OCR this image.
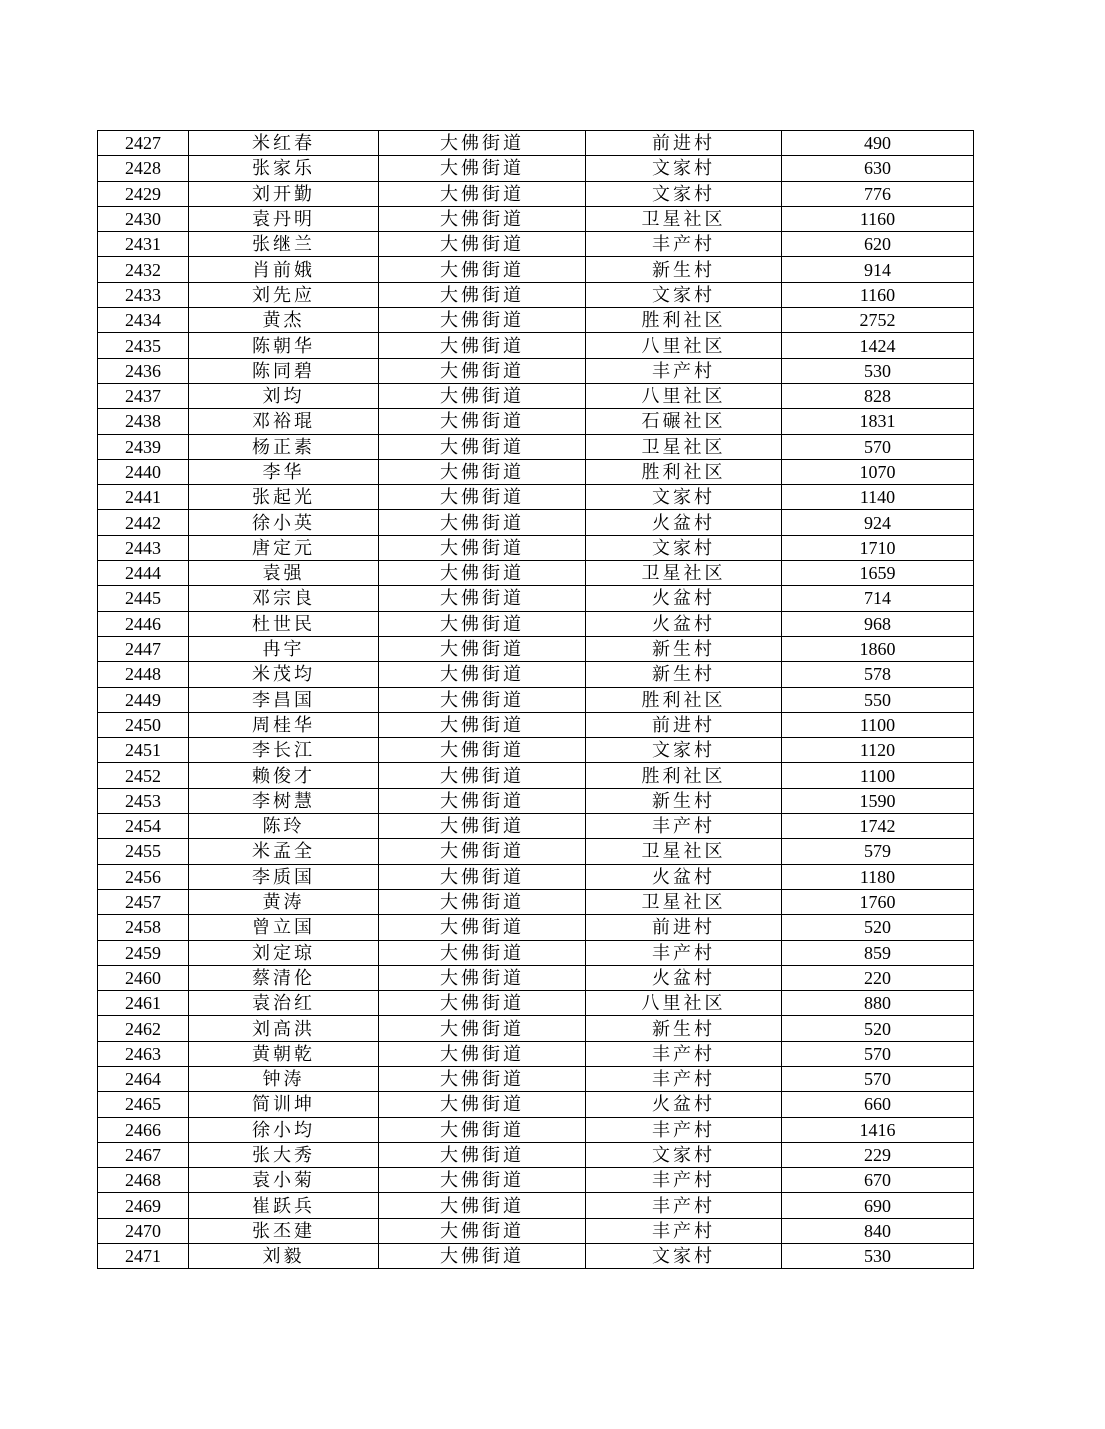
2427	米红春	大佛街道	前进村	490
2428	张家乐	大佛街道	文家村	630
2429	刘开勤	大佛街道	文家村	776
2430	袁丹明	大佛街道	卫星社区	1160
2431	张继兰	大佛街道	丰产村	620
2432	肖前娥	大佛街道	新生村	914
2433	刘先应	大佛街道	文家村	1160
2434	黄杰	大佛街道	胜利社区	2752
2435	陈朝华	大佛街道	八里社区	1424
2436	陈同碧	大佛街道	丰产村	530
2437	刘均	大佛街道	八里社区	828
2438	邓裕琨	大佛街道	石碾社区	1831
2439	杨正素	大佛街道	卫星社区	570
2440	李华	大佛街道	胜利社区	1070
2441	张起光	大佛街道	文家村	1140
2442	徐小英	大佛街道	火盆村	924
2443	唐定元	大佛街道	文家村	1710
2444	袁强	大佛街道	卫星社区	1659
2445	邓宗良	大佛街道	火盆村	714
2446	杜世民	大佛街道	火盆村	968
2447	冉宇	大佛街道	新生村	1860
2448	米茂均	大佛街道	新生村	578
2449	李昌国	大佛街道	胜利社区	550
2450	周桂华	大佛街道	前进村	1100
2451	李长江	大佛街道	文家村	1120
2452	赖俊才	大佛街道	胜利社区	1100
2453	李树慧	大佛街道	新生村	1590
2454	陈玲	大佛街道	丰产村	1742
2455	米孟全	大佛街道	卫星社区	579
2456	李质国	大佛街道	火盆村	1180
2457	黄涛	大佛街道	卫星社区	1760
2458	曾立国	大佛街道	前进村	520
2459	刘定琼	大佛街道	丰产村	859
2460	蔡清伦	大佛街道	火盆村	220
2461	袁治红	大佛街道	八里社区	880
2462	刘高洪	大佛街道	新生村	520
2463	黄朝乾	大佛街道	丰产村	570
2464	钟涛	大佛街道	丰产村	570
2465	简训坤	大佛街道	火盆村	660
2466	徐小均	大佛街道	丰产村	1416
2467	张大秀	大佛街道	文家村	229
2468	袁小菊	大佛街道	丰产村	670
2469	崔跃兵	大佛街道	丰产村	690
2470	张丕建	大佛街道	丰产村	840
2471	刘毅	大佛街道	文家村	530
